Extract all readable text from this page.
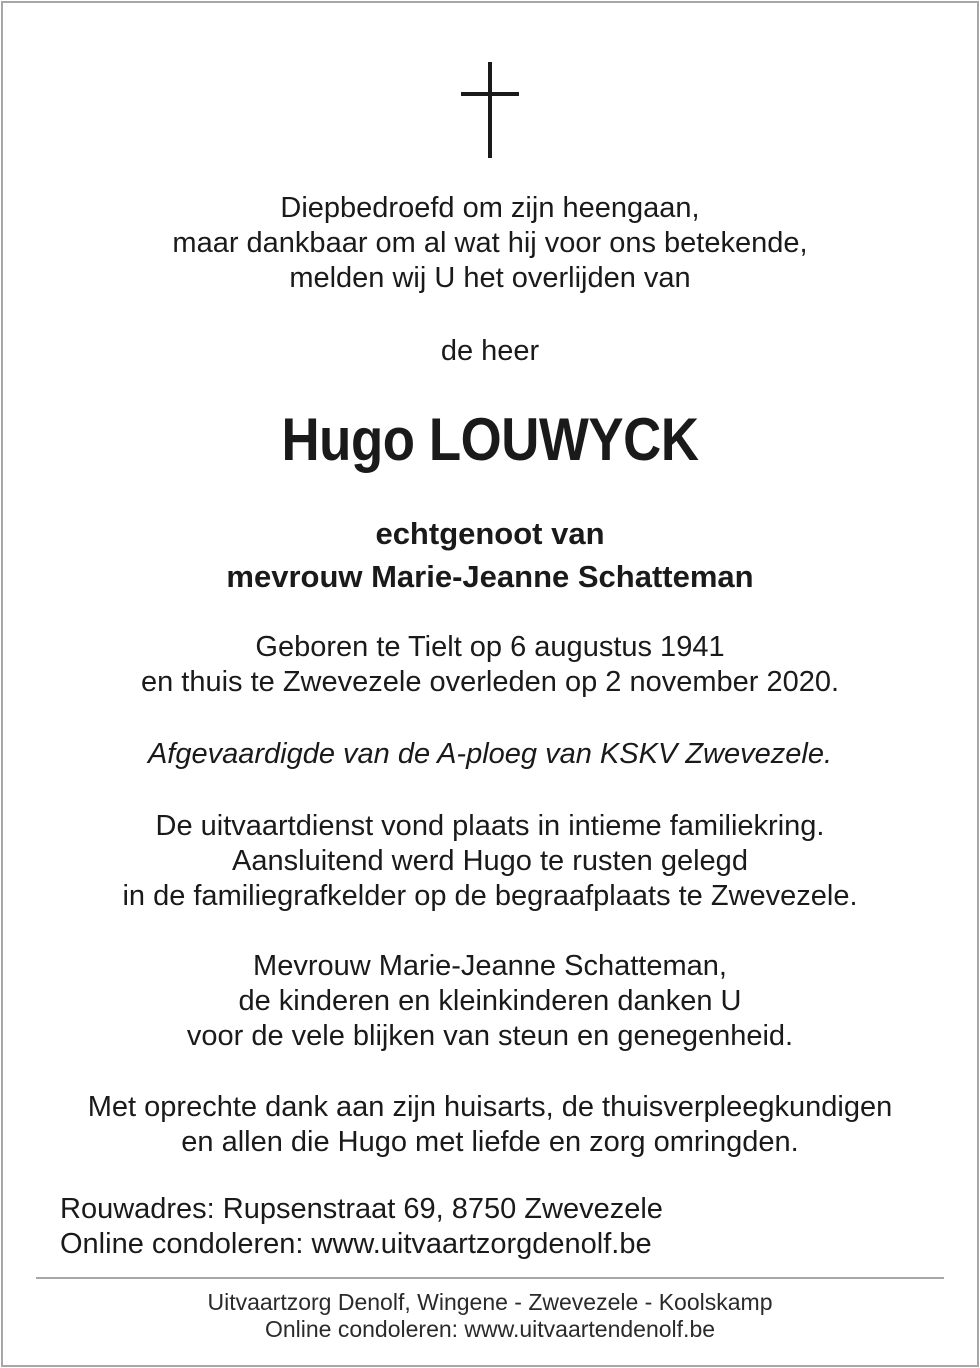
Diepbedroefd om zijn heengaan,
maar dankbaar om al wat hij voor ons betekende,
melden wij U het overlijden van
de heer
Hugo LOUWYCK
echtgenoot van
mevrouw Marie-Jeanne Schatteman
Geboren te Tielt op 6 augustus 1941
en thuis te Zwevezele overleden op 2 november 2020.
Afgevaardigde van de A-ploeg van KSKV Zwevezele.
De uitvaartdienst vond plaats in intieme familiekring.
Aansluitend werd Hugo te rusten gelegd
in de familiegrafkelder op de begraafplaats te Zwevezele.
Mevrouw Marie-Jeanne Schatteman,
de kinderen en kleinkinderen danken U
voor de vele blijken van steun en genegenheid.
Met oprechte dank aan zijn huisarts, de thuisverpleegkundigen
en allen die Hugo met liefde en zorg omringden.
Rouwadres: Rupsenstraat 69, 8750 Zwevezele
Online condoleren: www.uitvaartzorgdenolf.be
Uitvaartzorg Denolf, Wingene - Zwevezele - Koolskamp
Online condoleren: www.uitvaartendenolf.be
